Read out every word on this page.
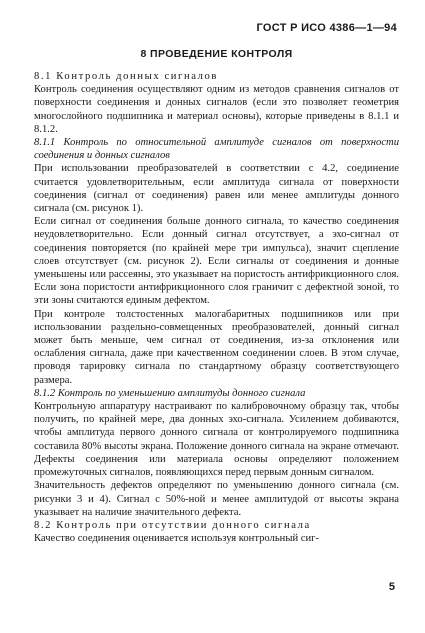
ГОСТ Р ИСО 4386—1—94
8 ПРОВЕДЕНИЕ КОНТРОЛЯ

8.1 Контроль донных сигналов

Контроль соединения осуществляют одним из методов сравнения сигналов от поверхности соединения и донных сигналов (если это позволяет геометрия многослойного подшипника и материал основы), которые приведены в 8.1.1 и 8.1.2.

8.1.1 Контроль по относительной амплитуде сигналов от поверхности соединения и донных сигналов

При использовании преобразователей в соответствии с 4.2, соединение считается удовлетворительным, если амплитуда сигнала от поверхности соединения (сигнал от соединения) равен или менее амплитуды донного сигнала (см. рисунок 1).

Если сигнал от соединения больше донного сигнала, то качество соединения неудовлетворительно. Если донный сигнал отсутствует, а эхо-сигнал от соединения повторяется (по крайней мере три импульса), значит сцепление слоев отсутствует (см. рисунок 2). Если сигналы от соединения и донные уменьшены или рассеяны, это указывает на пористость антифрикционного слоя. Если зона пористости антифрикционного слоя граничит с дефектной зоной, то эти зоны считаются единым дефектом.

При контроле толстостенных малогабаритных подшипников или при использовании раздельно-совмещенных преобразователей, донный сигнал может быть меньше, чем сигнал от соединения, из-за отклонения или ослабления сигнала, даже при качественном соединении слоев. В этом случае, проводя тарировку сигнала по стандартному образцу соответствующего размера.

8.1.2 Контроль по уменьшению амплитуды донного сигнала

Контрольную аппаратуру настраивают по калибровочному образцу так, чтобы получить, по крайней мере, два донных эхо-сигнала. Усилением добиваются, чтобы амплитуда первого донного сигнала от контролируемого подшипника составила 80% высоты экрана. Положение донного сигнала на экране отмечают. Дефекты соединения или материала основы определяют положением промежуточных сигналов, появляющихся перед первым донным сигналом.

Значительность дефектов определяют по уменьшению донного сигнала (см. рисунки 3 и 4). Сигнал с 50%-ной и менее амплитудой от высоты экрана указывает на наличие значительного дефекта.

8.2 Контроль при отсутствии донного сигнала

Качество соединения оценивается используя контрольный сиг-

5
